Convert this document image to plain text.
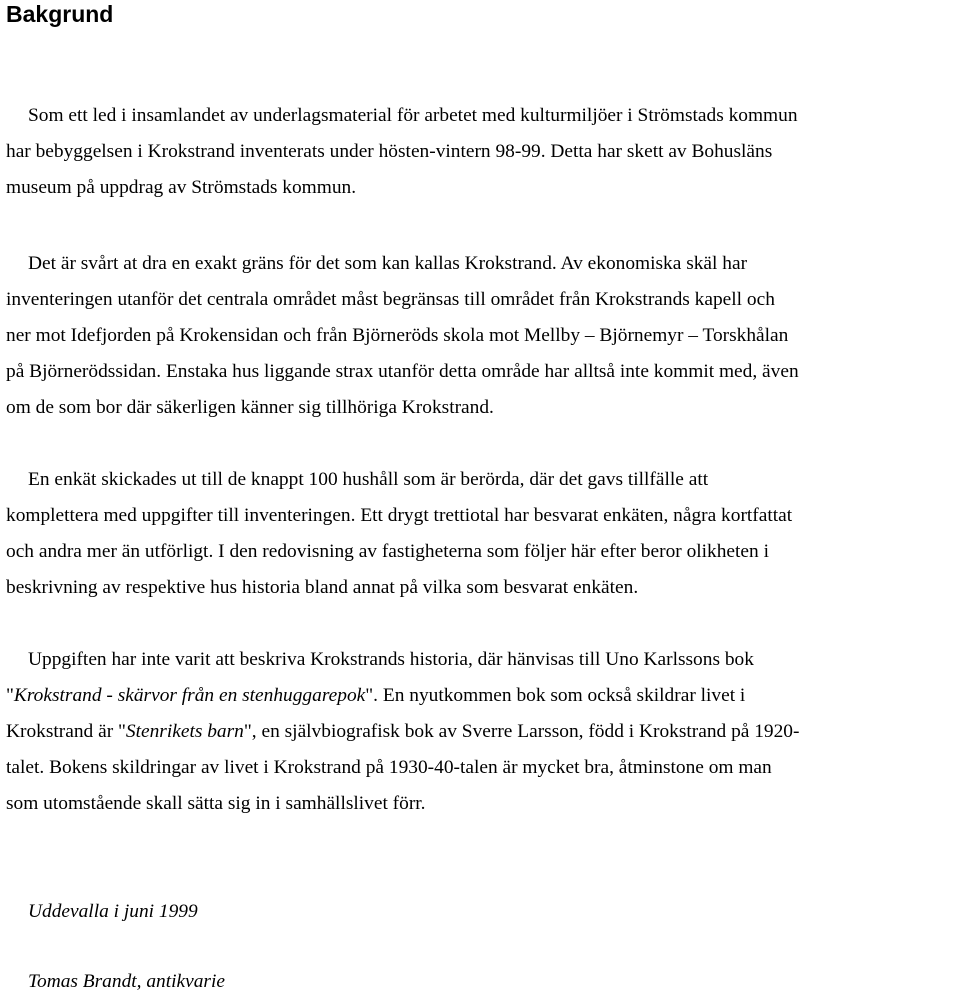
Bakgrund

Som ett led i insamlandet av underlagsmaterial för arbetet med kulturmiljöer i Strömstads kommun
har bebyggelsen i Krokstrand inventerats under hösten-vintern 98-99. Detta har skett av Bohusläns
museum på uppdrag av Strömstads kommun.

Det är svårt at dra en exakt gräns för det som kan kallas Krokstrand. Av ekonomiska skäl har
inventeringen utanför det centrala området måst begränsas till området från Krokstrands kapell och
ner mot Idefjorden på Krokensidan och från Björneröds skola mot Mellby – Björnemyr – Torskhålan
på Björnerödssidan. Enstaka hus liggande strax utanför detta område har alltså inte kommit med, även
om de som bor där säkerligen känner sig tillhöriga Krokstrand.

En enkät skickades ut till de knappt 100 hushåll som är berörda, där det gavs tillfälle att
komplettera med uppgifter till inventeringen. Ett drygt trettiotal har besvarat enkäten, några kortfattat
och andra mer än utförligt. I den redovisning av fastigheterna som följer här efter beror olikheten i
beskrivning av respektive hus historia bland annat på vilka som besvarat enkäten.

Uppgiften har inte varit att beskriva Krokstrands historia, där hänvisas till Uno Karlssons bok
"Krokstrand - skärvor från en stenhuggarepok". En nyutkommen bok som också skildrar livet i
Krokstrand är "Stenrikets barn", en självbiografisk bok av Sverre Larsson, född i Krokstrand på 1920-
talet. Bokens skildringar av livet i Krokstrand på 1930-40-talen är mycket bra, åtminstone om man
som utomstående skall sätta sig in i samhällslivet förr.

Uddevalla i juni 1999

Tomas Brandt, antikvarie
